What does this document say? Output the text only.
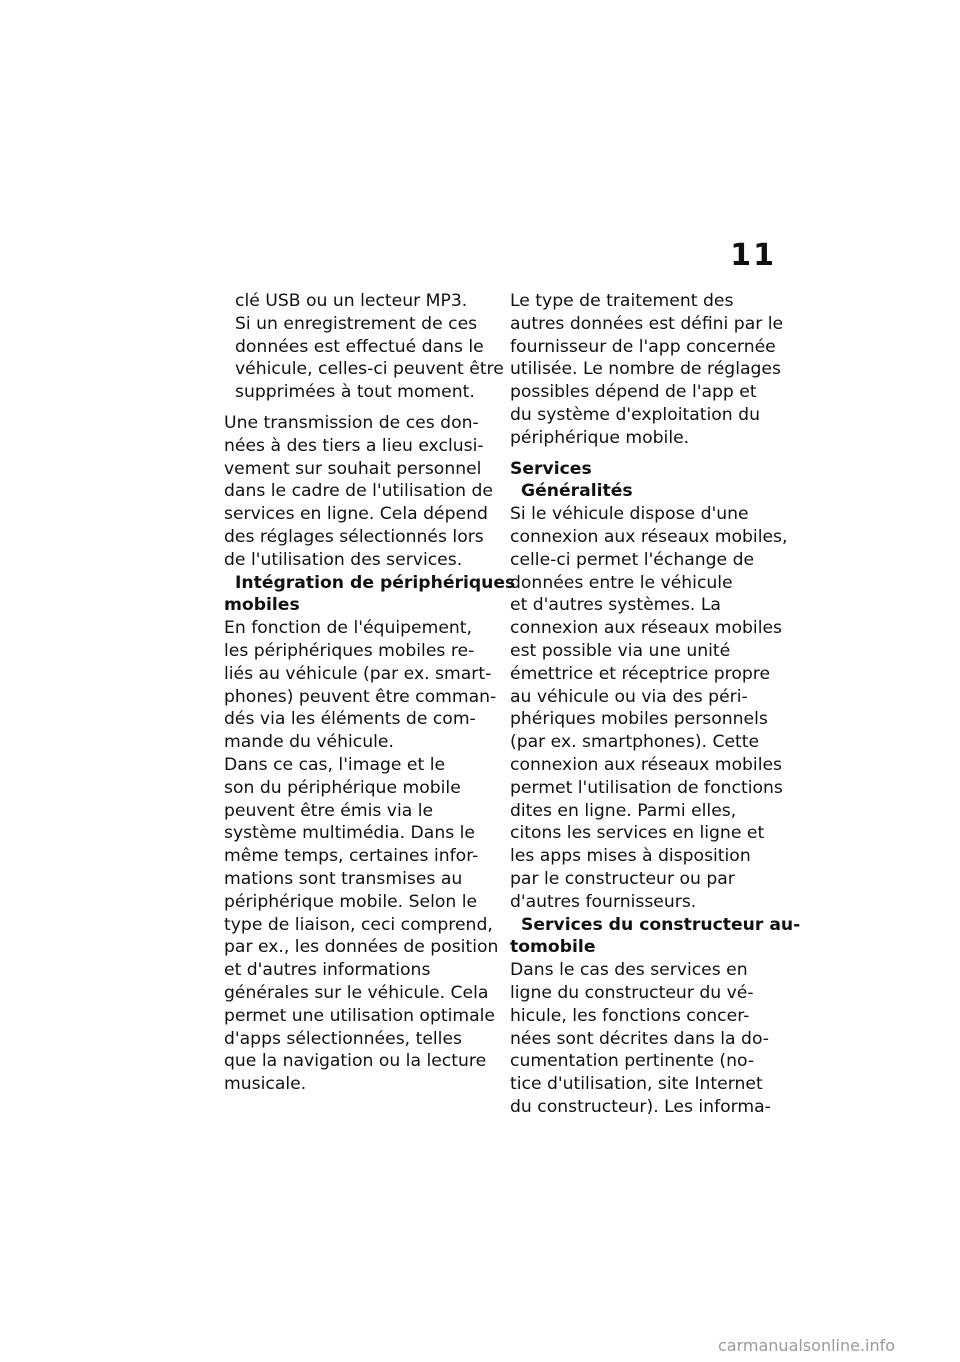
11
clé USB ou un lecteur MP3.
Si un enregistrement de ces
données est effectué dans le
véhicule, celles-ci peuvent être
supprimées à tout moment.
Une transmission de ces don-
nées à des tiers a lieu exclusi-
vement sur souhait personnel
dans le cadre de l'utilisation de
services en ligne. Cela dépend
des réglages sélectionnés lors
de l'utilisation des services.
Intégration de périphériques
mobiles
En fonction de l'équipement,
les périphériques mobiles re-
liés au véhicule (par ex. smart-
phones) peuvent être comman-
dés via les éléments de com-
mande du véhicule.
Dans ce cas, l'image et le
son du périphérique mobile
peuvent être émis via le
système multimédia. Dans le
même temps, certaines infor-
mations sont transmises au
périphérique mobile. Selon le
type de liaison, ceci comprend,
par ex., les données de position
et d'autres informations
générales sur le véhicule. Cela
permet une utilisation optimale
d'apps sélectionnées, telles
que la navigation ou la lecture
musicale.
Le type de traitement des
autres données est défini par le
fournisseur de l'app concernée
utilisée. Le nombre de réglages
possibles dépend de l'app et
du système d'exploitation du
périphérique mobile.
Services
Généralités
Si le véhicule dispose d'une
connexion aux réseaux mobiles,
celle-ci permet l'échange de
données entre le véhicule
et d'autres systèmes. La
connexion aux réseaux mobiles
est possible via une unité
émettrice et réceptrice propre
au véhicule ou via des péri-
phériques mobiles personnels
(par ex. smartphones). Cette
connexion aux réseaux mobiles
permet l'utilisation de fonctions
dites en ligne. Parmi elles,
citons les services en ligne et
les apps mises à disposition
par le constructeur ou par
d'autres fournisseurs.
Services du constructeur au-
tomobile
Dans le cas des services en
ligne du constructeur du vé-
hicule, les fonctions concer-
nées sont décrites dans la do-
cumentation pertinente (no-
tice d'utilisation, site Internet
du constructeur). Les informa-
carmanualsonline.info
